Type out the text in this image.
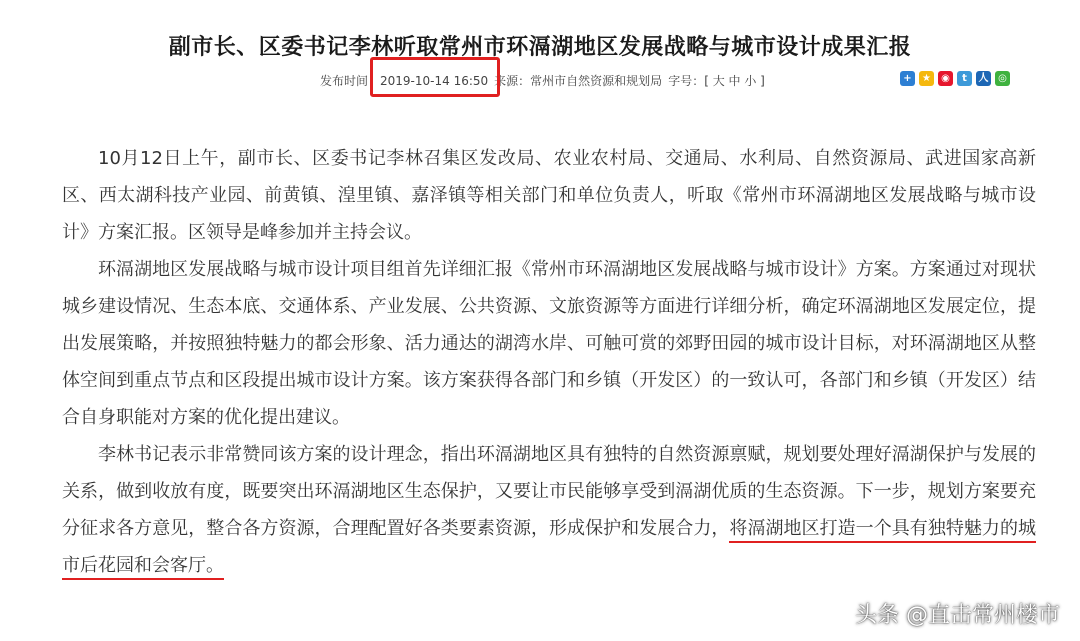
副市长、区委书记李林听取常州市环滆湖地区发展战略与城市设计成果汇报
发布时间 ：2019-10-14 16:50 来源： 常州市自然资源和规划局 字号： [ 大 中 小 ]	+	★	◉	t	人 ◎

10月12日上午，副市长、区委书记李林召集区发改局、农业农村局、交通局、水利局、自然资源局、武进国家高新区、西太湖科技产业园、前黄镇、湟里镇、嘉泽镇等相关部门和单位负责人，听取《常州市环滆湖地区发展战略与城市设计》方案汇报。区领导是峰参加并主持会议。

环滆湖地区发展战略与城市设计项目组首先详细汇报《常州市环滆湖地区发展战略与城市设计》方案。方案通过对现状城乡建设情况、生态本底、交通体系、产业发展、公共资源、文旅资源等方面进行详细分析，确定环滆湖地区发展定位，提出发展策略，并按照独特魅力的都会形象、活力通达的湖湾水岸、可触可赏的郊野田园的城市设计目标，对环滆湖地区从整体空间到重点节点和区段提出城市设计方案。该方案获得各部门和乡镇（开发区）的一致认可，各部门和乡镇（开发区）结合自身职能对方案的优化提出建议。

李林书记表示非常赞同该方案的设计理念，指出环滆湖地区具有独特的自然资源禀赋，规划要处理好滆湖保护与发展的关系，做到收放有度，既要突出环滆湖地区生态保护，又要让市民能够享受到滆湖优质的生态资源。下一步，规划方案要充分征求各方意见，整合各方资源，合理配置好各类要素资源，形成保护和发展合力，将滆湖地区打造一个具有独特魅力的城市后花园和会客厅。

头条 @直击常州楼市
